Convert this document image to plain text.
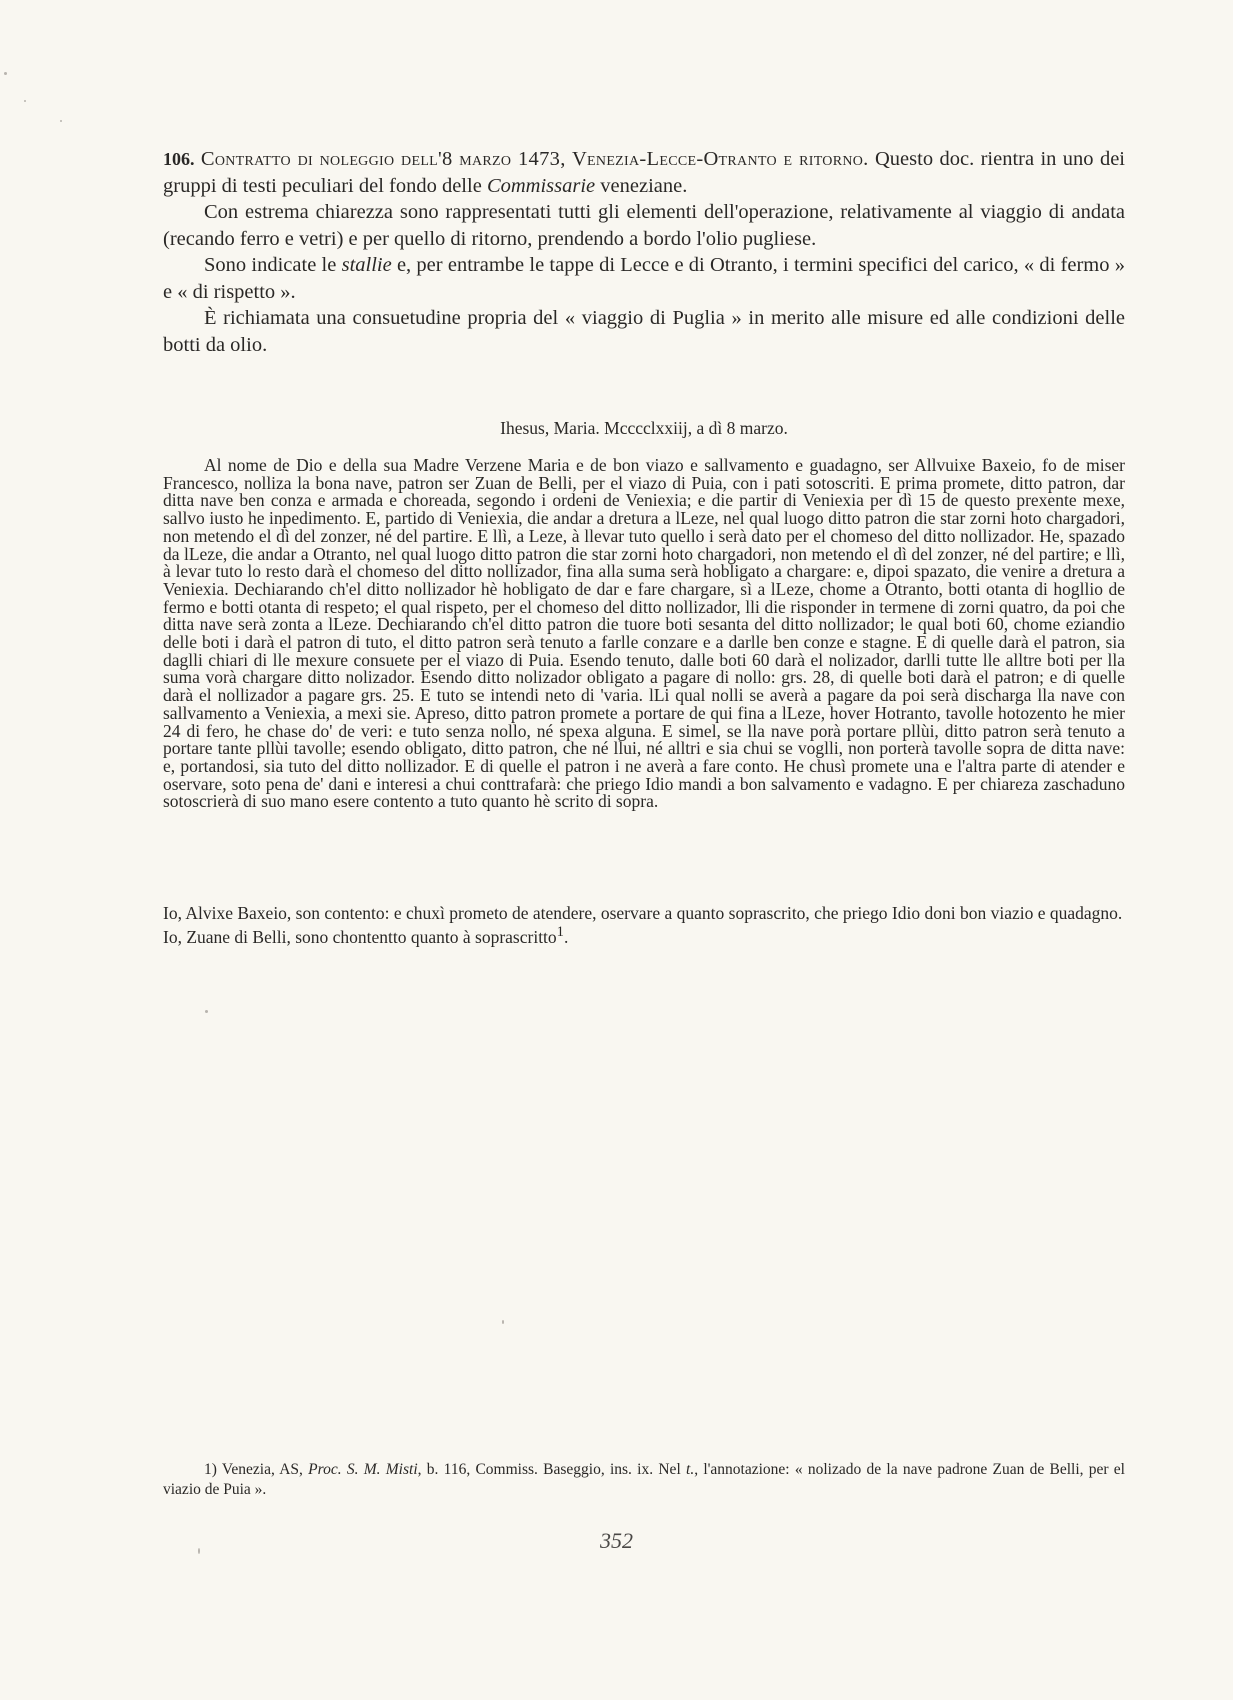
106. Contratto di noleggio dell'8 marzo 1473, Venezia-Lecce-Otranto e ritorno. Questo doc. rientra in uno dei gruppi di testi peculiari del fondo delle Commissarie veneziane.

Con estrema chiarezza sono rappresentati tutti gli elementi dell'operazione, relativamente al viaggio di andata (recando ferro e vetri) e per quello di ritorno, prendendo a bordo l'olio pugliese.

Sono indicate le stallie e, per entrambe le tappe di Lecce e di Otranto, i termini specifici del carico, « di fermo » e « di rispetto ».

È richiamata una consuetudine propria del « viaggio di Puglia » in merito alle misure ed alle condizioni delle botti da olio.

Ihesus, Maria. Mccccl​xxiij, a dì 8 marzo.

Al nome de Dio e della sua Madre Verzene Maria e de bon viazo e sallvamento e guadagno, ser Allvuixe Baxeio, fo de miser Francesco, nolliza la bona nave, patron ser Zuan de Belli, per el viazo di Puia, con i pati sotoscriti. E prima promete, ditto patron, dar ditta nave ben conza e armada e choreada, segondo i ordeni de Veniexia; e die partir di Veniexia per dì 15 de questo prexente mexe, sallvo iusto he inpedimento. E, partido di Veniexia, die andar a dretura a lLeze, nel qual luogo ditto patron die star zorni hoto chargadori, non metendo el dì del zonzer, né del partire. E llì, a Leze, à llevar tuto quello i serà dato per el chomeso del ditto nollizador. He, spazado da lLeze, die andar a Otranto, nel qual luogo ditto patron die star zorni hoto chargadori, non metendo el dì del zonzer, né del partire; e llì, à levar tuto lo resto darà el chomeso del ditto nollizador, fina alla suma serà hobligato a chargare: e, dipoi spazato, die venire a dretura a Veniexia. Dechiarando ch'el ditto nollizador hè hobligato de dar e fare chargare, sì a lLeze, chome a Otranto, botti otanta di hogllio de fermo e botti otanta di respeto; el qual rispeto, per el chomeso del ditto nollizador, lli die risponder in termene di zorni quatro, da poi che ditta nave serà zonta a lLeze. Dechiarando ch'el ditto patron die tuore boti sesanta del ditto nollizador; le qual boti 60, chome eziandio delle boti i darà el patron di tuto, el ditto patron serà tenuto a farlle conzare e a darlle ben conze e stagne. E di quelle darà el patron, sia daglli chiari di lle mexure consuete per el viazo di Puia. Esendo tenuto, dalle boti 60 darà el nolizador, darlli tutte lle alltre boti per lla suma vorà chargare ditto nolizador. Esendo ditto nolizador obligato a pagare di nollo: grs. 28, di quelle boti darà el patron; e di quelle darà el nollizador a pagare grs. 25. E tuto se intendi neto di 'varia. lLi qual nolli se averà a pagare da poi serà discharga lla nave con sallvamento a Veniexia, a mexi sie. Apreso, ditto patron promete a portare de qui fina a lLeze, hover Hotranto, tavolle hotozento he mier 24 di fero, he chase do' de veri: e tuto senza nollo, né spexa alguna. E simel, se lla nave porà portare pllùi, ditto patron serà tenuto a portare tante pllùi tavolle; esendo obligato, ditto patron, che né llui, né alltri e sia chui se voglli, non porterà tavolle sopra de ditta nave: e, portandosi, sia tuto del ditto nollizador. E di quelle el patron i ne averà a fare conto. He chusì promete una e l'altra parte di atender e oservare, soto pena de' dani e interesi a chui conttrafarà: che priego Idio mandi a bon salvamento e vadagno. E per chiareza zaschaduno sotoscrierà di suo mano esere contento a tuto quanto hè scrito di sopra.

Io, Alvixe Baxeio, son contento: e chuxì prometo de atendere, oservare a quanto soprascrito, che priego Idio doni bon viazio e quadagno.
Io, Zuane di Belli, sono chontentto quanto à soprascritto$^1$.

1) Venezia, AS, Proc. S. M. Misti, b. 116, Commiss. Baseggio, ins. ix. Nel t., l'annotazione: « nolizado de la nave padrone Zuan de Belli, per el viazio de Puia ».

352
